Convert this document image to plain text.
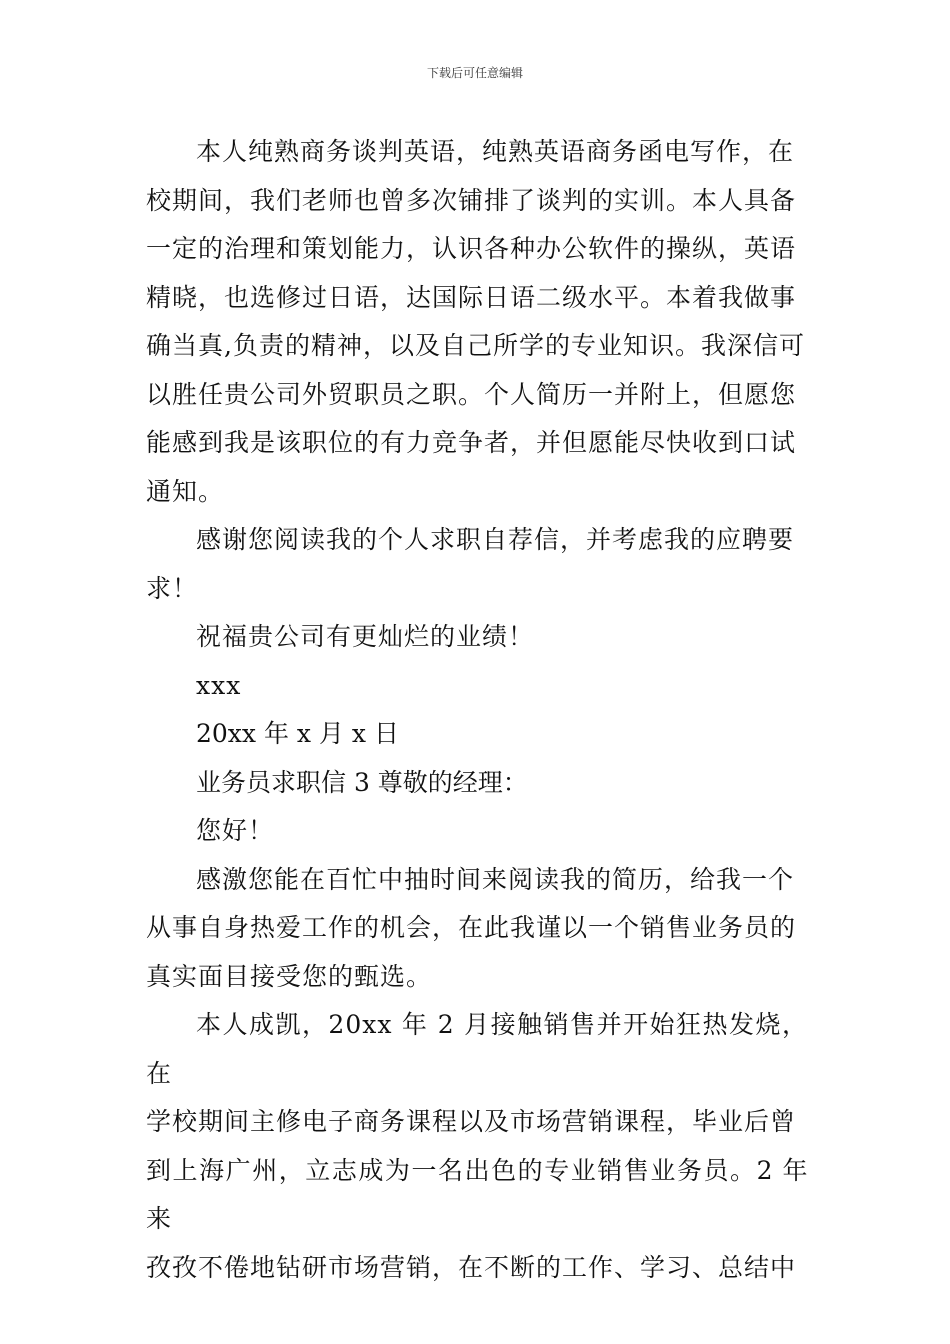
下载后可任意编辑
本人纯熟商务谈判英语，纯熟英语商务函电写作，在
校期间，我们老师也曾多次铺排了谈判的实训。本人具备
一定的治理和策划能力，认识各种办公软件的操纵，英语
精晓，也选修过日语，达国际日语二级水平。本着我做事
确当真,负责的精神，以及自己所学的专业知识。我深信可
以胜任贵公司外贸职员之职。个人简历一并附上，但愿您
能感到我是该职位的有力竞争者，并但愿能尽快收到口试
通知。
感谢您阅读我的个人求职自荐信，并考虑我的应聘要
求！
祝福贵公司有更灿烂的业绩！
xxx
20xx 年 x 月 x 日
业务员求职信 3 尊敬的经理：
您好！
感激您能在百忙中抽时间来阅读我的简历，给我一个
从事自身热爱工作的机会，在此我谨以一个销售业务员的
真实面目接受您的甄选。
本人成凯，20xx 年 2 月接触销售并开始狂热发烧，在
学校期间主修电子商务课程以及市场营销课程，毕业后曾
到上海广州，立志成为一名出色的专业销售业务员。2 年来
孜孜不倦地钻研市场营销，在不断的工作、学习、总结中
